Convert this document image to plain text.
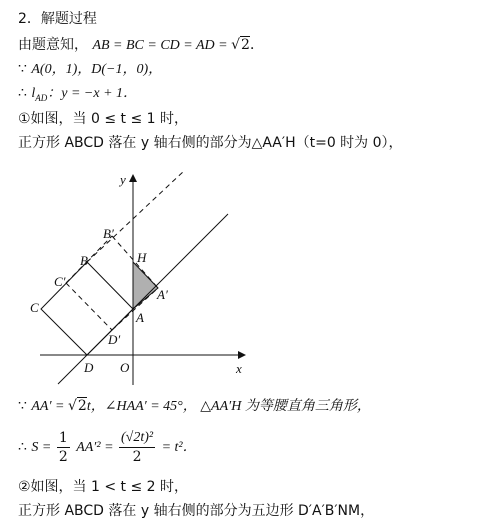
2．解题过程
由题意知， AB = BC = CD = AD = √2．
∵ A(0，1)，D(−1，0)，
∴ $l_{AD}$：y = −x + 1．
①如图，当 0 ≤ t ≤ 1 时，
正方形 ABCD 落在 y 轴右侧的部分为△AA′H（t=0 时为 0），
y
x
O
D
A
H
A′
B
B′
C
C′
D′
∵ AA′ = √2t，∠HAA′ = 45°， △AA′H 为等腰直角三角形，
∴ $S = \frac{1}{2} AA'^2 = \frac{\text{(√2t)²}}{2} = t^2$．
②如图，当 1 < t ≤ 2 时，
正方形 ABCD 落在 y 轴右侧的部分为五边形 D′A′B′NM，
